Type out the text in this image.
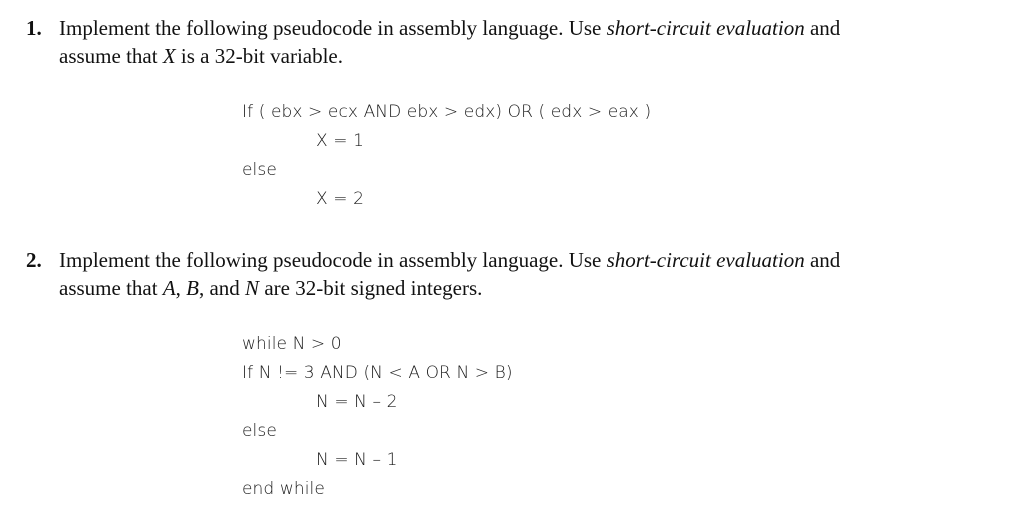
1. Implement the following pseudocode in assembly language. Use short-circuit evaluation and
assume that X is a 32-bit variable.
If ( ebx > ecx AND ebx > edx) OR ( edx > eax )
X = 1
else
X = 2
2. Implement the following pseudocode in assembly language. Use short-circuit evaluation and
assume that A, B, and N are 32-bit signed integers.
while N > 0
If N != 3 AND (N < A OR N > B)
N = N – 2
else
N = N – 1
end while
